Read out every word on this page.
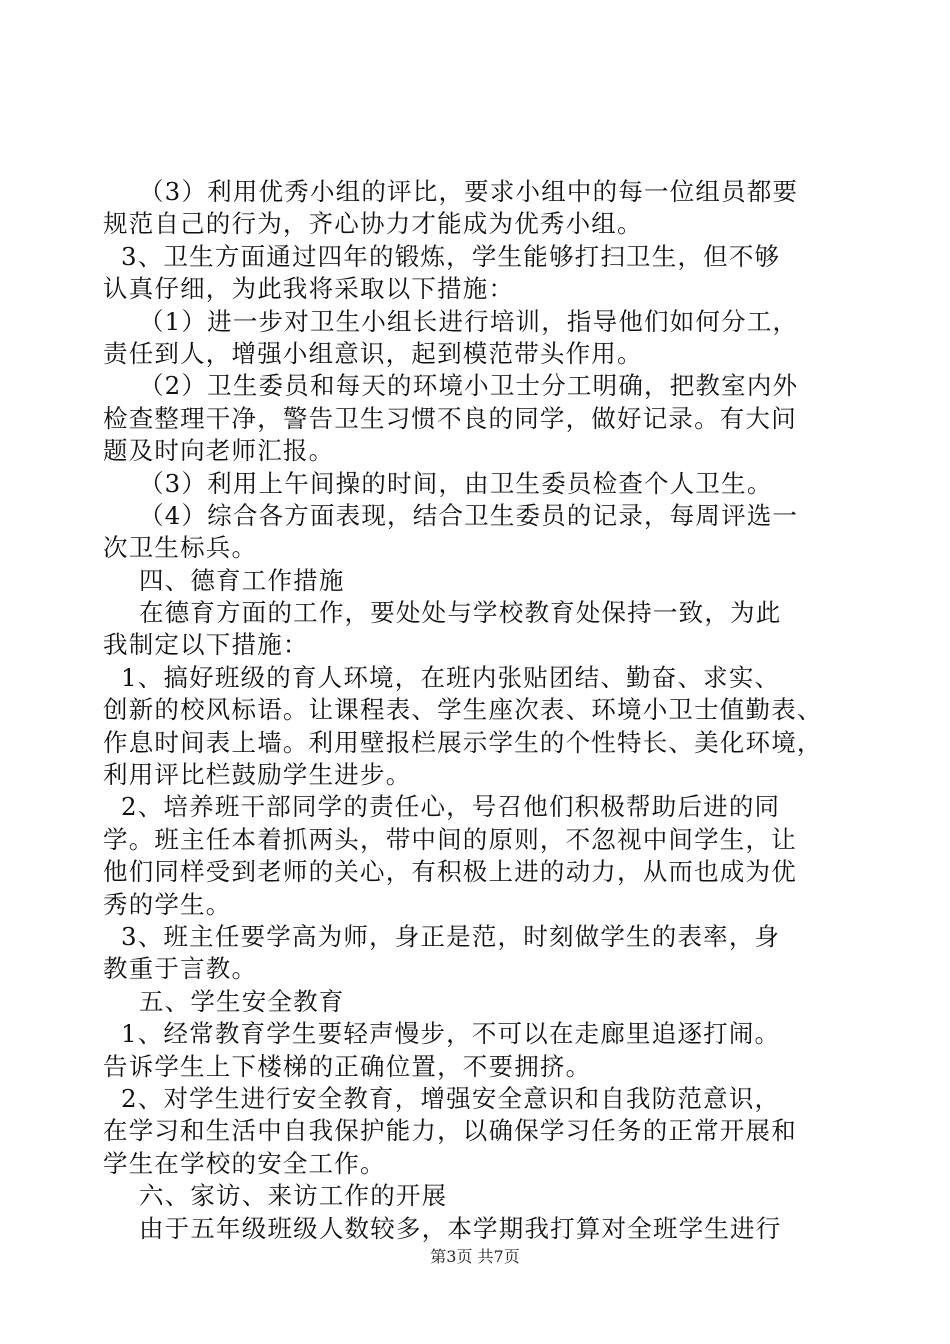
（3）利用优秀小组的评比，要求小组中的每一位组员都要
规范自己的行为，齐心协力才能成为优秀小组。
3、卫生方面通过四年的锻炼，学生能够打扫卫生，但不够
认真仔细，为此我将采取以下措施：
（1）进一步对卫生小组长进行培训，指导他们如何分工，
责任到人，增强小组意识，起到模范带头作用。
（2）卫生委员和每天的环境小卫士分工明确，把教室内外
检查整理干净，警告卫生习惯不良的同学，做好记录。有大问
题及时向老师汇报。
（3）利用上午间操的时间，由卫生委员检查个人卫生。
（4）综合各方面表现，结合卫生委员的记录，每周评选一
次卫生标兵。
四、德育工作措施
在德育方面的工作，要处处与学校教育处保持一致，为此
我制定以下措施：
1、搞好班级的育人环境，在班内张贴团结、勤奋、求实、
创新的校风标语。让课程表、学生座次表、环境小卫士值勤表、
作息时间表上墙。利用壁报栏展示学生的个性特长、美化环境，
利用评比栏鼓励学生进步。
2、培养班干部同学的责任心，号召他们积极帮助后进的同
学。班主任本着抓两头，带中间的原则，不忽视中间学生，让
他们同样受到老师的关心，有积极上进的动力，从而也成为优
秀的学生。
3、班主任要学高为师，身正是范，时刻做学生的表率，身
教重于言教。
五、学生安全教育
1、经常教育学生要轻声慢步，不可以在走廊里追逐打闹。
告诉学生上下楼梯的正确位置，不要拥挤。
2、对学生进行安全教育，增强安全意识和自我防范意识，
在学习和生活中自我保护能力，以确保学习任务的正常开展和
学生在学校的安全工作。
六、家访、来访工作的开展
由于五年级班级人数较多，本学期我打算对全班学生进行
第3页 共7页
